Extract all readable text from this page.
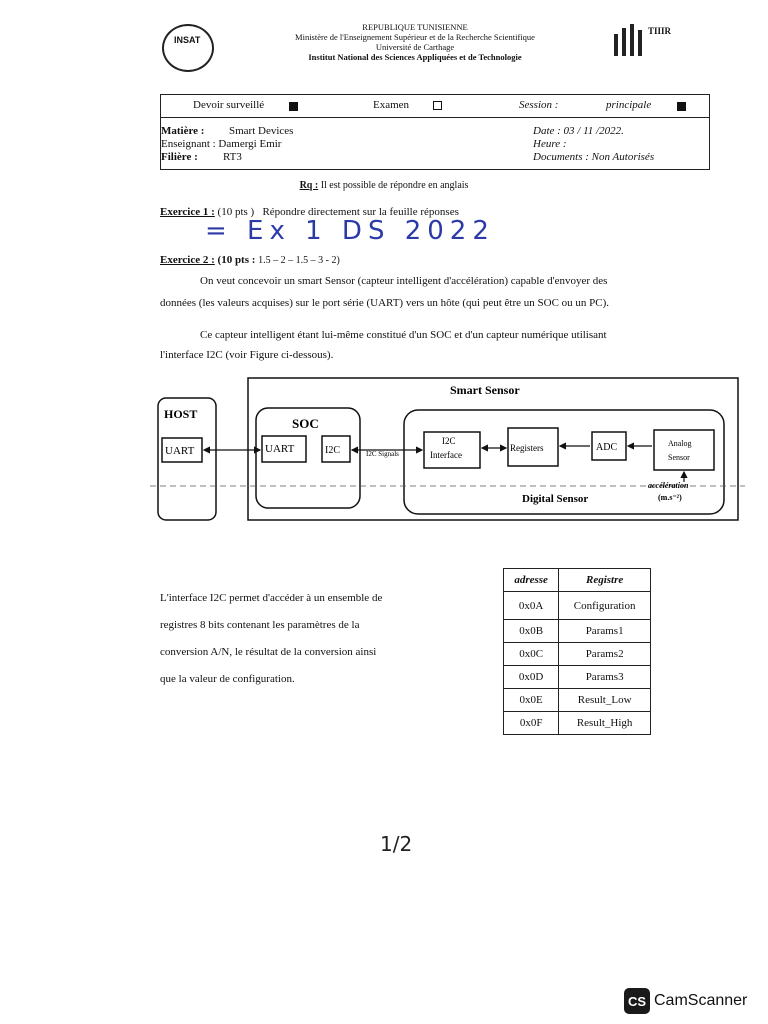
INSAT
REPUBLIQUE TUNISIENNE
Ministère de l'Enseignement Supérieur et de la Recherche Scientifique
Université de Carthage
Institut National des Sciences Appliquées et de Technologie
TIIIR
Devoir surveillé	Examen	Session :	principale
Matière : Smart Devices
Enseignant : Damergi Emir
Filière : RT3
Date : 03 / 11 /2022.
Heure :
Documents : Non Autorisés
Rq : Il est possible de répondre en anglais
Exercice 1 : (10 pts ) Répondre directement sur la feuille réponses
= Ex 1 DS 2022
Exercice 2 : (10 pts : 1.5 – 2 – 1.5 – 3 - 2)
On veut concevoir un smart Sensor (capteur intelligent d'accélération) capable d'envoyer des
données (les valeurs acquises) sur le port série (UART) vers un hôte (qui peut être un SOC ou un PC).
Ce capteur intelligent étant lui-même constitué d'un SOC et d'un capteur numérique utilisant
l'interface I2C (voir Figure ci-dessous).
Smart Sensor
HOST
SOC
UART	UART	I2C	I2C Signals
I2C
Interface
Registers	ADC	Analog
Sensor
accélération
(m.s⁻²)
Digital Sensor
L'interface I2C permet d'accéder à un ensemble de
registres 8 bits contenant les paramètres de la
conversion A/N, le résultat de la conversion ainsi
que la valeur de configuration.
adresse	Registre
0x0A	Configuration
0x0B	Params1
0x0C	Params2
0x0D	Params3
0x0E	Result_Low
0x0F	Result_High
1/2
CS CamScanner
